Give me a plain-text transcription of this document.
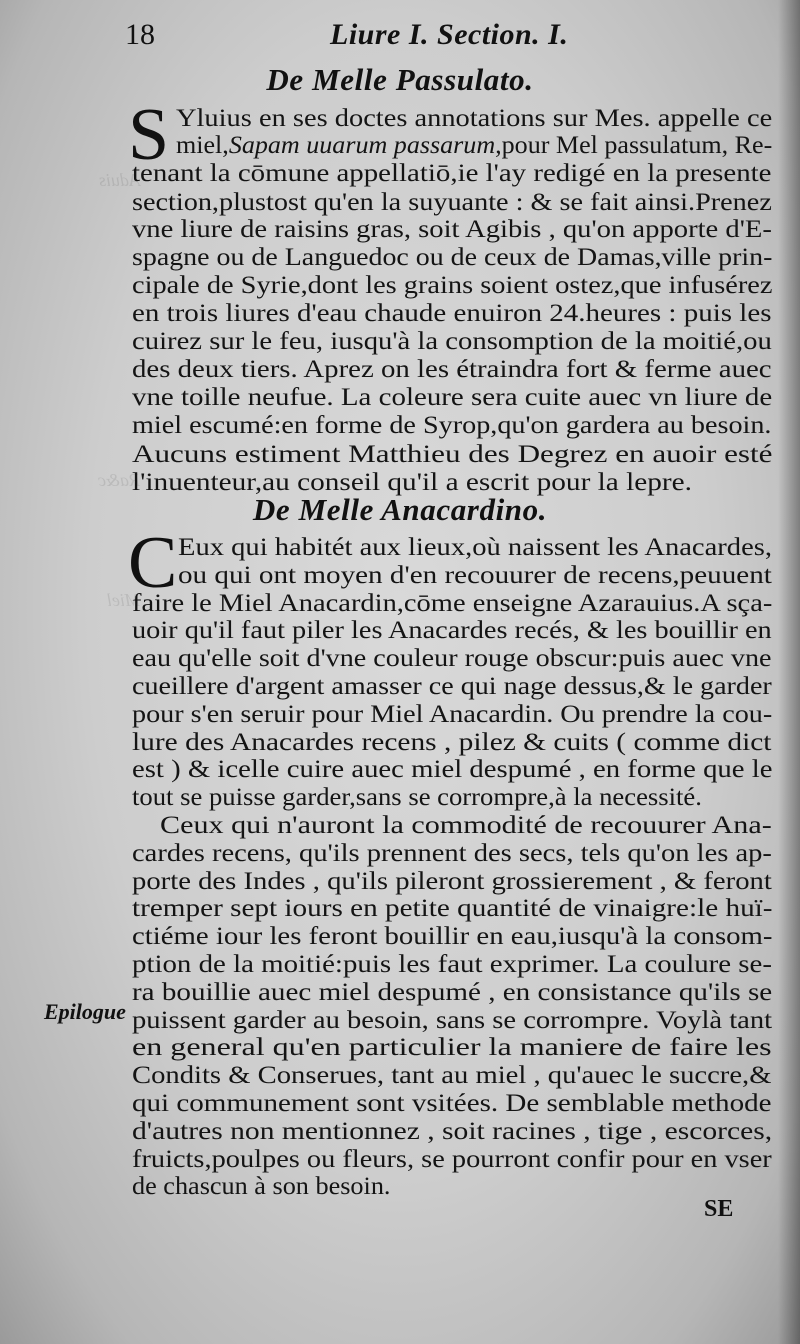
Aduis
Ra&c
Miel
18	Liure I. Section. I.
De Melle Passulato.
S Yluius en ses doctes annotations sur Mes. appelle ce
miel,Sapam uuarum passarum,pour Mel passulatum, Re-
tenant la cōmune appellatiō,ie l'ay redigé en la presente
section,plustost qu'en la suyuante : & se fait ainsi.Prenez
vne liure de raisins gras, soit Agibis , qu'on apporte d'E-
spagne ou de Languedoc ou de ceux de Damas,ville prin-
cipale de Syrie,dont les grains soient ostez,que infusérez
en trois liures d'eau chaude enuiron 24.heures : puis les
cuirez sur le feu, iusqu'à la consomption de la moitié,ou
des deux tiers. Aprez on les étraindra fort & ferme auec
vne toille neufue. La coleure sera cuite auec vn liure de
miel escumé:en forme de Syrop,qu'on gardera au besoin.
Aucuns estiment Matthieu des Degrez en auoir esté
l'inuenteur,au conseil qu'il a escrit pour la lepre.
De Melle Anacardino.
C Eux qui habitét aux lieux,où naissent les Anacardes,
ou qui ont moyen d'en recouurer de recens,peuuent
faire le Miel Anacardin,cōme enseigne Azarauius.A sça-
uoir qu'il faut piler les Anacardes recés, & les bouillir en
eau qu'elle soit d'vne couleur rouge obscur:puis auec vne
cueillere d'argent amasser ce qui nage dessus,& le garder
pour s'en seruir pour Miel Anacardin. Ou prendre la cou-
lure des Anacardes recens , pilez & cuits ( comme dict
est ) & icelle cuire auec miel despumé , en forme que le
tout se puisse garder,sans se corrompre,à la necessité.
Ceux qui n'auront la commodité de recouurer Ana-
cardes recens, qu'ils prennent des secs, tels qu'on les ap-
porte des Indes , qu'ils pileront grossierement , & feront
tremper sept iours en petite quantité de vinaigre:le huï-
ctiéme iour les feront bouillir en eau,iusqu'à la consom-
ption de la moitié:puis les faut exprimer. La coulure se-
ra bouillie auec miel despumé , en consistance qu'ils se
puissent garder au besoin, sans se corrompre. Voylà tant
en general qu'en particulier la maniere de faire les
Condits & Conserues, tant au miel , qu'auec le succre,&
qui communement sont vsitées. De semblable methode
d'autres non mentionnez , soit racines , tige , escorces,
fruicts,poulpes ou fleurs, se pourront confir pour en vser
de chascun à son besoin.
Epilogue
SE
